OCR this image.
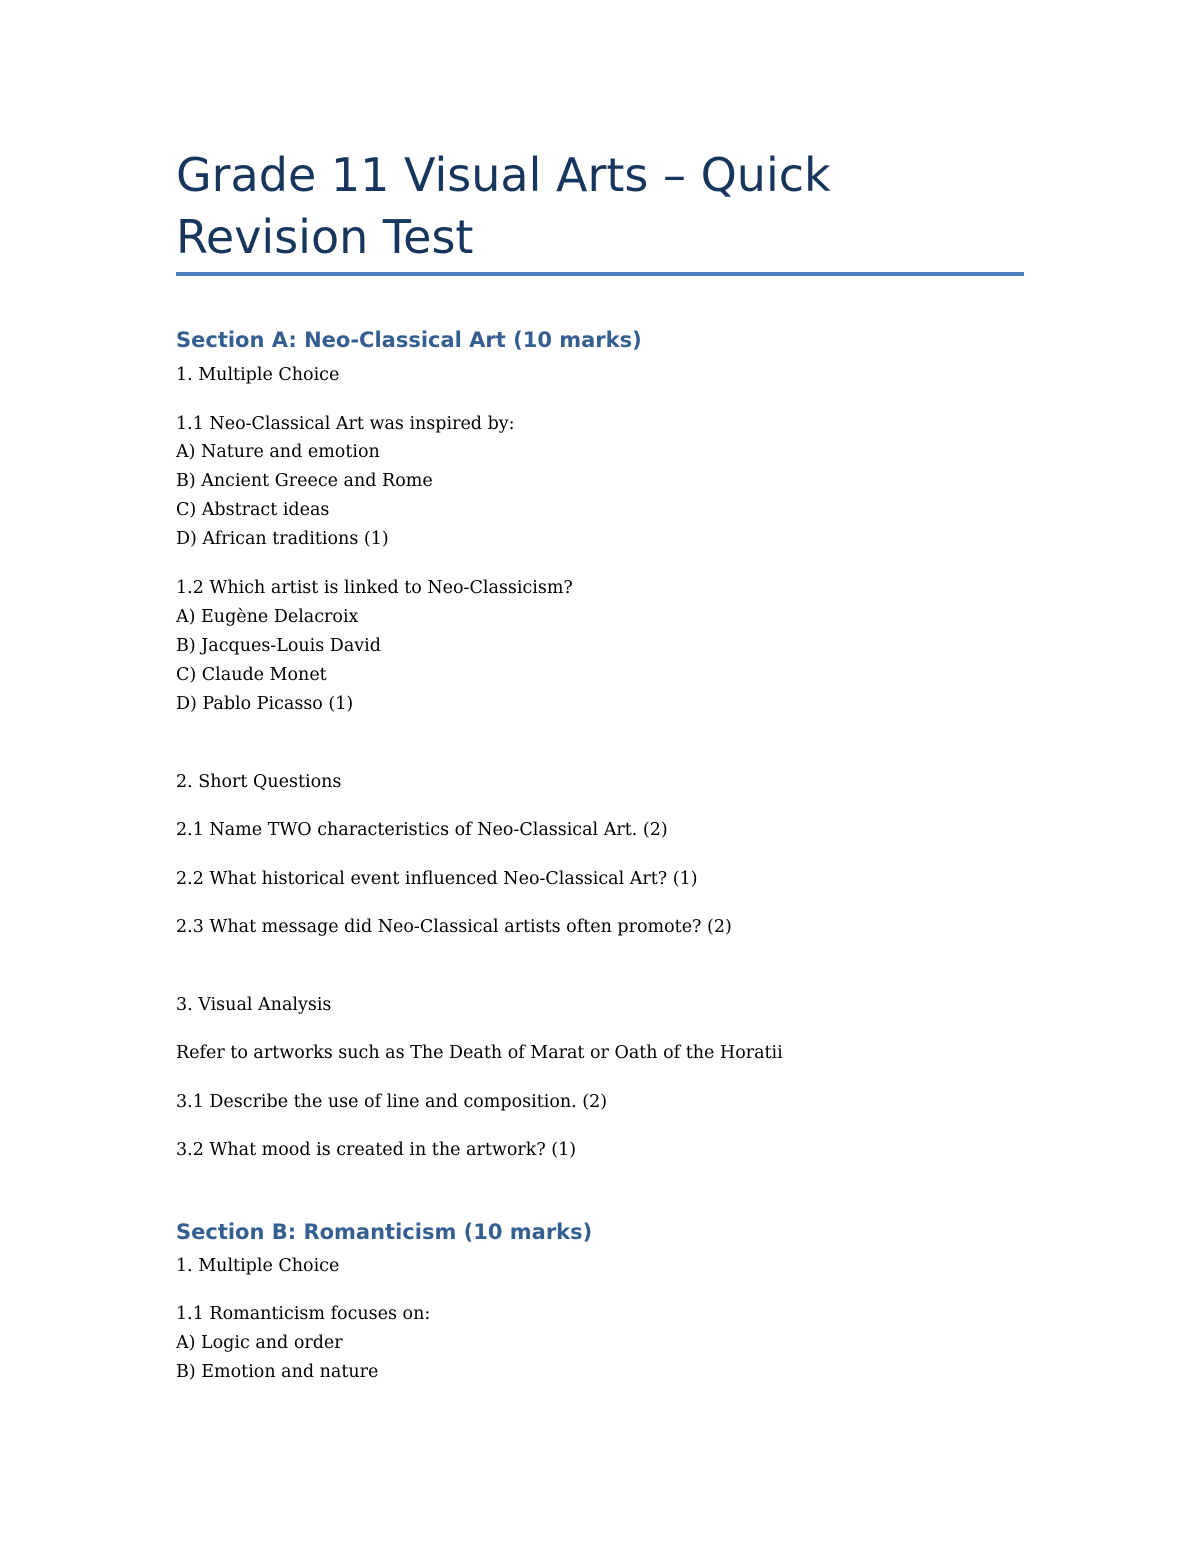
Grade 11 Visual Arts – Quick Revision Test
Section A: Neo-Classical Art (10 marks)

1. Multiple Choice

1.1 Neo-Classical Art was inspired by:

A) Nature and emotion

B) Ancient Greece and Rome

C) Abstract ideas

D) African traditions (1)

1.2 Which artist is linked to Neo-Classicism?

A) Eugène Delacroix

B) Jacques-Louis David

C) Claude Monet

D) Pablo Picasso (1)

2. Short Questions

2.1 Name TWO characteristics of Neo-Classical Art. (2)

2.2 What historical event influenced Neo-Classical Art? (1)

2.3 What message did Neo-Classical artists often promote? (2)

3. Visual Analysis

Refer to artworks such as The Death of Marat or Oath of the Horatii

3.1 Describe the use of line and composition. (2)

3.2 What mood is created in the artwork? (1)

Section B: Romanticism (10 marks)

1. Multiple Choice

1.1 Romanticism focuses on:

A) Logic and order

B) Emotion and nature
